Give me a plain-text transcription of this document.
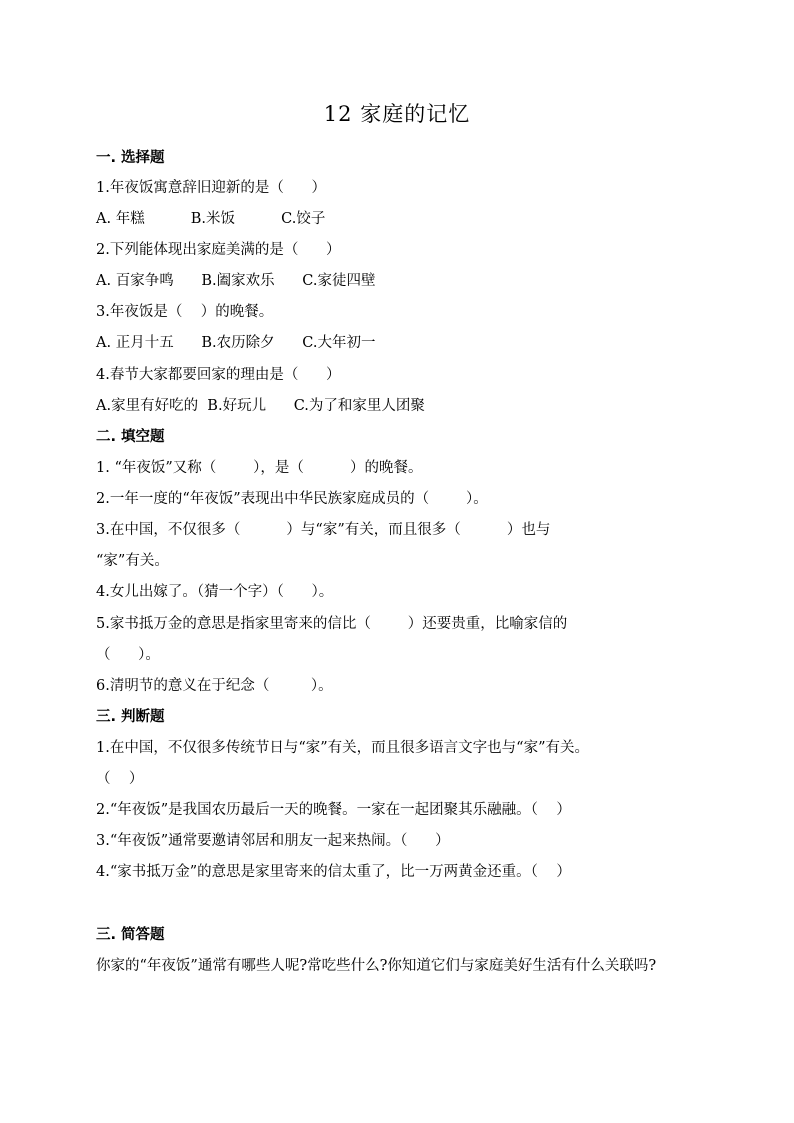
12 家庭的记忆
一. 选择题
1.年夜饭寓意辞旧迎新的是（      ）
A. 年糕          B.米饭          C.饺子
2.下列能体现出家庭美满的是（      ）
A. 百家争鸣      B.阖家欢乐      C.家徒四壁
3.年夜饭是（    ）的晚餐。
A. 正月十五      B.农历除夕      C.大年初一
4.春节大家都要回家的理由是（      ）
A.家里有好吃的  B.好玩儿      C.为了和家里人团聚
二. 填空题
1. “年夜饭”又称（        ），是（          ）的晚餐。
2.一年一度的“年夜饭”表现出中华民族家庭成员的（        ）。
3.在中国，不仅很多（          ）与“家”有关，而且很多（          ）也与
“家”有关。
4.女儿出嫁了。（猜一个字）（      ）。
5.家书抵万金的意思是指家里寄来的信比（        ）还要贵重，比喻家信的
（      ）。
6.清明节的意义在于纪念（         ）。
三. 判断题
1.在中国，不仅很多传统节日与“家”有关，而且很多语言文字也与“家”有关。
（    ）
2.“年夜饭”是我国农历最后一天的晚餐。一家在一起团聚其乐融融。（    ）
3.“年夜饭”通常要邀请邻居和朋友一起来热闹。（      ）
4.“家书抵万金”的意思是家里寄来的信太重了，比一万两黄金还重。（    ）
三. 简答题
你家的“年夜饭”通常有哪些人呢?常吃些什么?你知道它们与家庭美好生活有什么关联吗?
